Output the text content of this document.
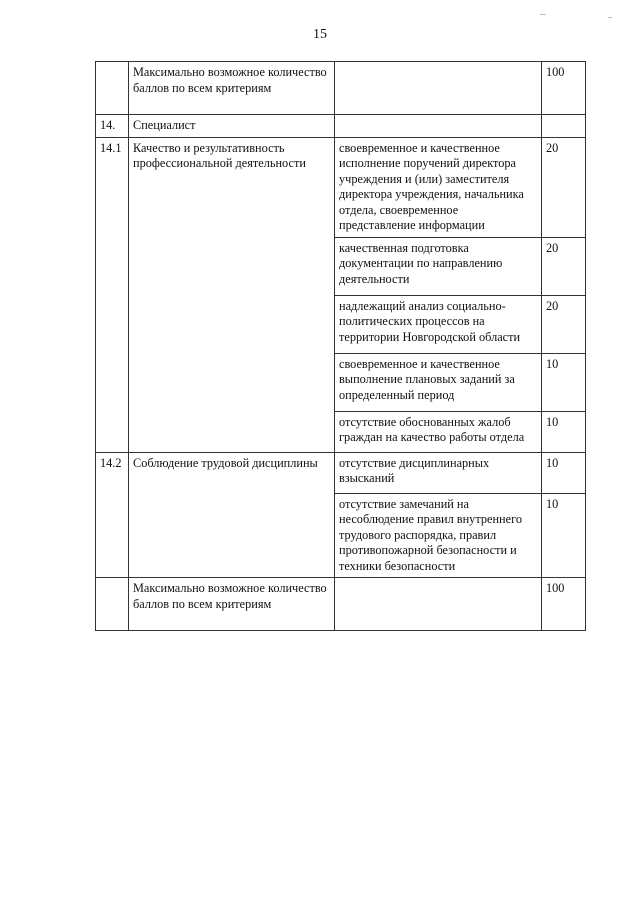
15
	Максимально возможное количество баллов по всем критериям		100
14.	Специалист		
14.1	Качество и результативность профессиональной деятельности	своевременное и качественное исполнение поручений директора учреждения и (или) заместителя директора учреждения, начальника отдела, своевременное представление информации	20
		качественная подготовка документации по направлению деятельности	20
		надлежащий анализ социально-политических процессов на территории Новгородской области	20
		своевременное и качественное выполнение плановых заданий за определенный период	10
		отсутствие обоснованных жалоб граждан на качество работы отдела	10
14.2	Соблюдение трудовой дисциплины	отсутствие дисциплинарных взысканий	10
		отсутствие замечаний на несоблюдение правил внутреннего трудового распорядка, правил противопожарной безопасности и техники безопасности	10
	Максимально возможное количество баллов по всем критериям		100
